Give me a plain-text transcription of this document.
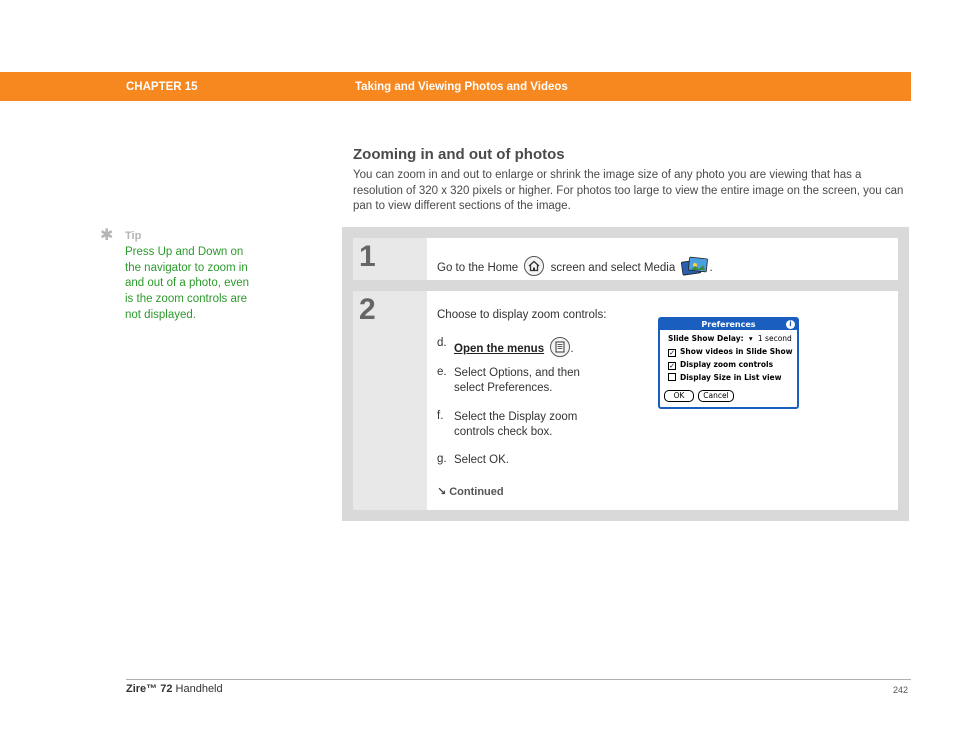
CHAPTER 15	Taking and Viewing Photos and Videos
Zooming in and out of photos
You can zoom in and out to enlarge or shrink the image size of any photo you are viewing that has a resolution of 320 x 320 pixels or higher. For photos too large to view the entire image on the screen, you can pan to view different sections of the image.
✱ Tip
Press Up and Down on
the navigator to zoom in
and out of a photo, even
is the zoom controls are
not displayed.
1	Go to the Home	screen and select Media	.
2	Choose to display zoom controls:
d. Open the menus .
e. Select Options, and then
select Preferences.
f. Select the Display zoom
controls check box.
g. Select OK.
↘ Continued
Preferences	i
Slide Show Delay:  ▾  1 second
✓ Show videos in Slide Show
✓ Display zoom controls
Display Size in List view
OK	Cancel
Zire™ 72 Handheld	242
